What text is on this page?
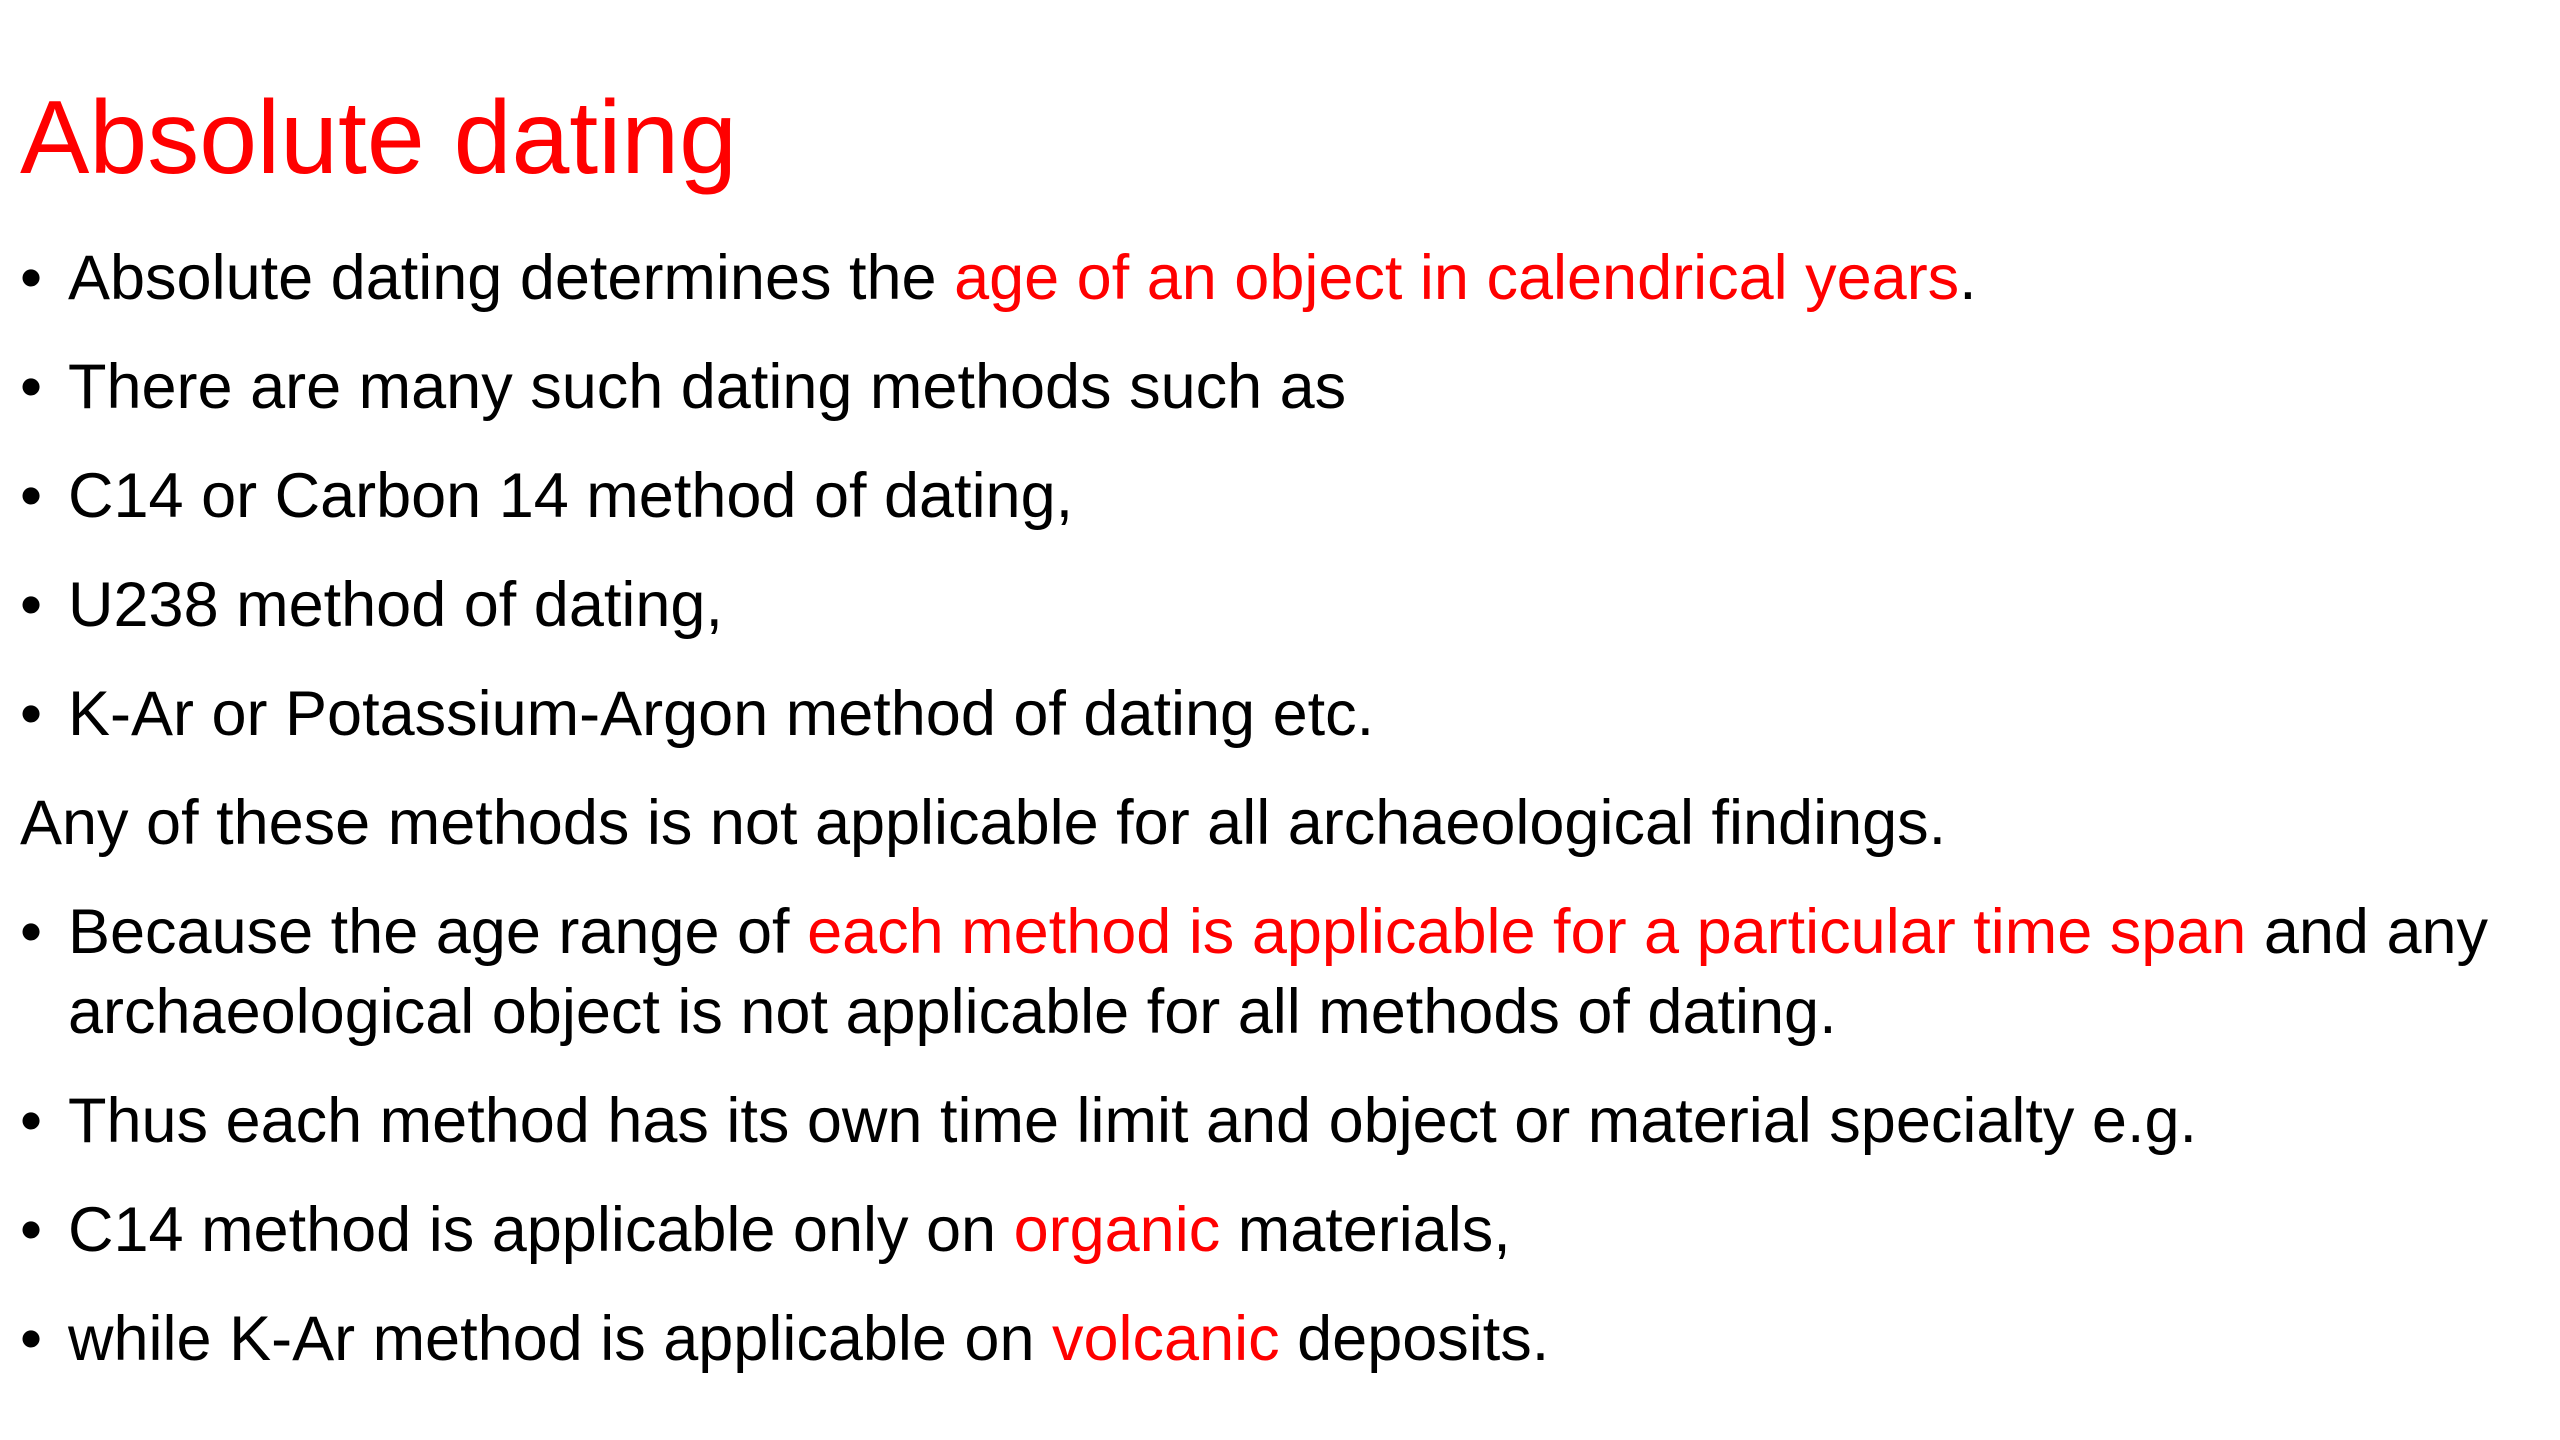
Absolute dating
• Absolute dating determines the age of an object in calendrical years.
• There are many such dating methods such as
• C14 or Carbon 14 method of dating,
• U238 method of dating,
• K-Ar or Potassium-Argon method of dating etc.
Any of these methods is not applicable for all archaeological findings.
• Because the age range of each method is applicable for a particular time span and any archaeological object is not applicable for all methods of dating.
• Thus each method has its own time limit and object or material specialty e.g.
• C14 method is applicable only on organic materials,
• while K-Ar method is applicable on volcanic deposits.
